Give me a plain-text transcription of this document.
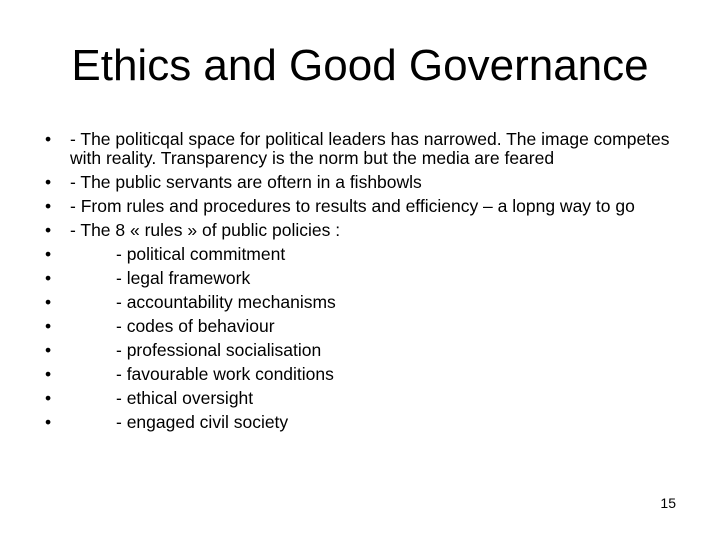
Ethics and Good Governance
•	- The politicqal space for political leaders has narrowed. The image competes with reality. Transparency is the norm but the media are feared
•	- The public servants are oftern in a fishbowls
•	- From rules and procedures to results and efficiency – a lopng way to go
•	- The 8 « rules » of public policies :
•	- political commitment
•	- legal framework
•	- accountability mechanisms
•	- codes of behaviour
•	- professional socialisation
•	- favourable work conditions
•	- ethical oversight
•	- engaged civil society
15
